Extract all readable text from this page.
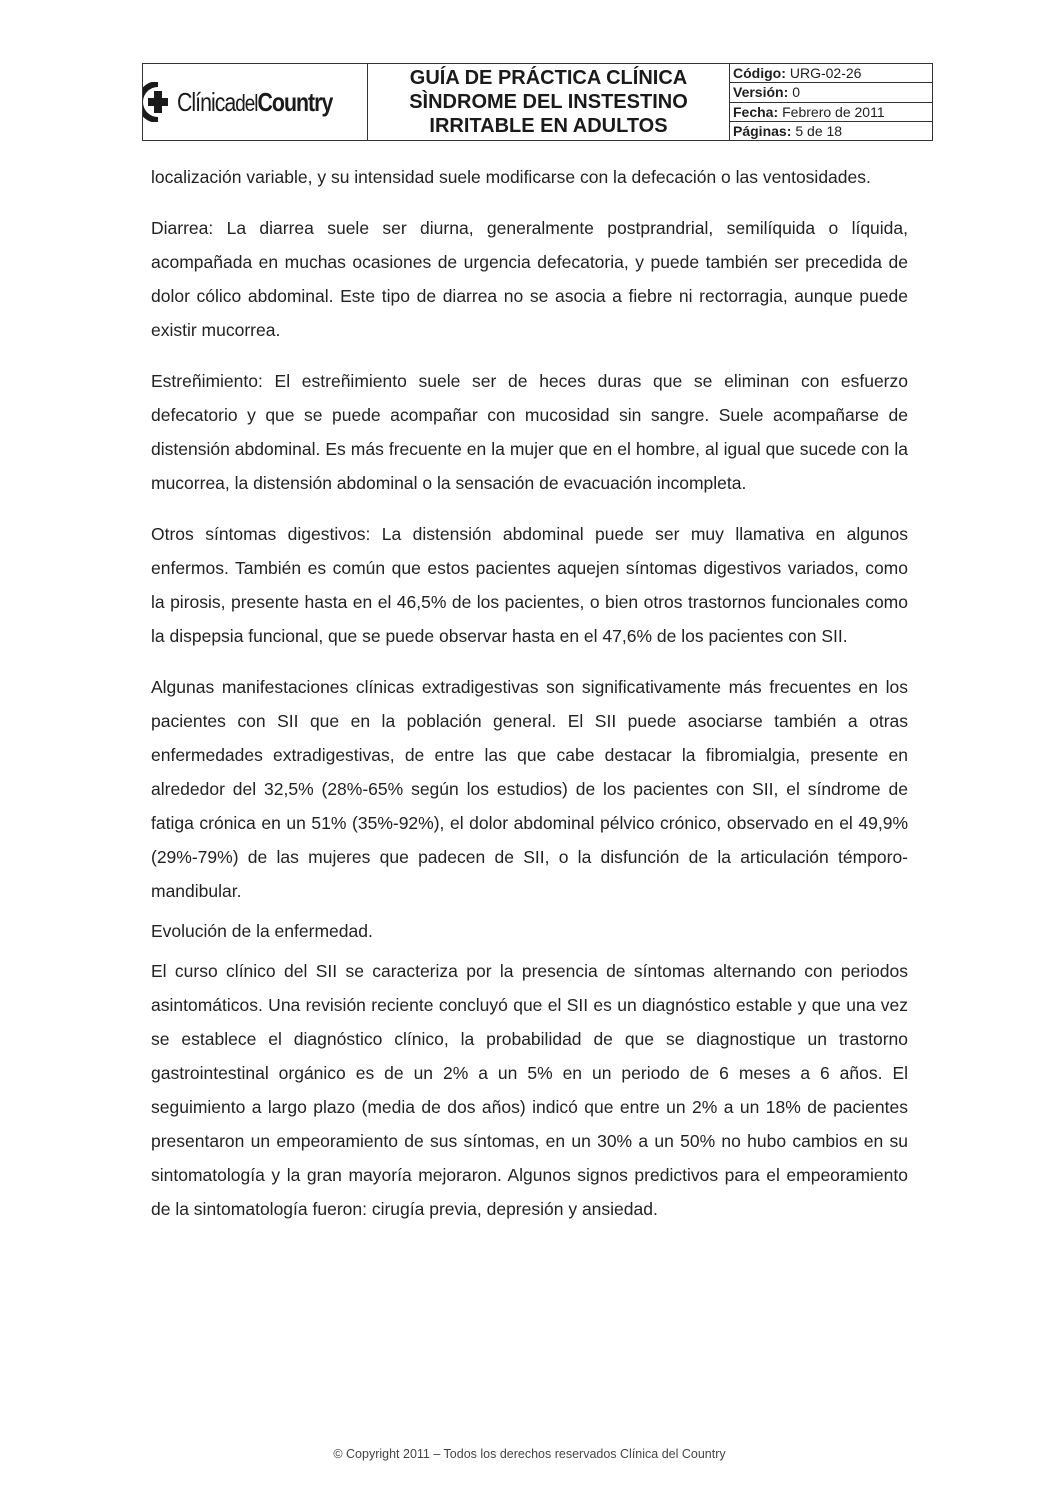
ClínicadelCountry
GUÍA DE PRÁCTICA CLÍNICA
SÌNDROME DEL INSTESTINO
IRRITABLE EN ADULTOS
Código: URG-02-26
Versión: 0
Fecha: Febrero de 2011
Páginas: 5 de 18

localización variable, y su intensidad suele modificarse con la defecación o las ventosidades.

Diarrea: La diarrea suele ser diurna, generalmente postprandrial, semilíquida o líquida, acompañada en muchas ocasiones de urgencia defecatoria, y puede también ser precedida de dolor cólico abdominal. Este tipo de diarrea no se asocia a fiebre ni rectorragia, aunque puede existir mucorrea.

Estreñimiento: El estreñimiento suele ser de heces duras que se eliminan con esfuerzo defecatorio y que se puede acompañar con mucosidad sin sangre. Suele acompañarse de distensión abdominal. Es más frecuente en la mujer que en el hombre, al igual que sucede con la mucorrea, la distensión abdominal o la sensación de evacuación incompleta.

Otros síntomas digestivos: La distensión abdominal puede ser muy llamativa en algunos enfermos. También es común que estos pacientes aquejen síntomas digestivos variados, como la pirosis, presente hasta en el 46,5% de los pacientes, o bien otros trastornos funcionales como la dispepsia funcional, que se puede observar hasta en el 47,6% de los pacientes con SII.

Algunas manifestaciones clínicas extradigestivas son significativamente más frecuentes en los pacientes con SII que en la población general. El SII puede asociarse también a otras enfermedades extradigestivas, de entre las que cabe destacar la fibromialgia, presente en alrededor del 32,5% (28%-65% según los estudios) de los pacientes con SII, el síndrome de fatiga crónica en un 51% (35%-92%), el dolor abdominal pélvico crónico, observado en el 49,9% (29%-79%) de las mujeres que padecen de SII, o la disfunción de la articulación témporo-mandibular.

Evolución de la enfermedad.

El curso clínico del SII se caracteriza por la presencia de síntomas alternando con periodos asintomáticos. Una revisión reciente concluyó que el SII es un diagnóstico estable y que una vez se establece el diagnóstico clínico, la probabilidad de que se diagnostique un trastorno gastrointestinal orgánico es de un 2% a un 5% en un periodo de 6 meses a 6 años. El seguimiento a largo plazo (media de dos años) indicó que entre un 2% a un 18% de pacientes presentaron un empeoramiento de sus síntomas, en un 30% a un 50% no hubo cambios en su sintomatología y la gran mayoría mejoraron. Algunos signos predictivos para el empeoramiento de la sintomatología fueron: cirugía previa, depresión y ansiedad.

© Copyright 2011 – Todos los derechos reservados Clínica del Country
